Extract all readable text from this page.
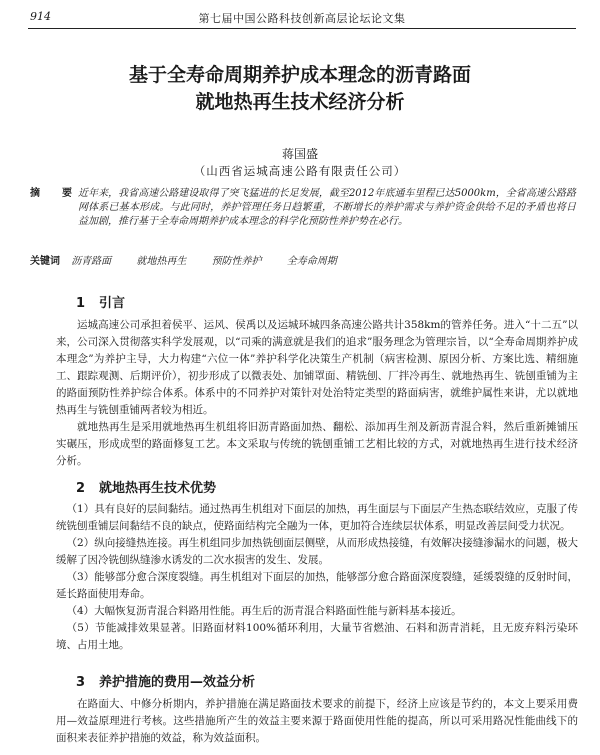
914	第七届中国公路科技创新高层论坛论文集
基于全寿命周期养护成本理念的沥青路面
就地热再生技术经济分析
蒋国盛
（山西省运城高速公路有限责任公司）
摘　要 近年来，我省高速公路建设取得了突飞猛进的长足发展，截至2012年底通车里程已达5000km，全省高速公路路网体系已基本形成。与此同时，养护管理任务日趋繁重，不断增长的养护需求与养护资金供给不足的矛盾也将日益加剧，推行基于全寿命周期养护成本理念的科学化预防性养护势在必行。
关键词 沥青路面	就地热再生	预防性养护	全寿命周期
1 引言

运城高速公司承担着侯平、运风、侯禹以及运城环城四条高速公路共计358km的管养任务。进入“十二五”以来，公司深入贯彻落实科学发展观，以“司乘的满意就是我们的追求”服务理念为管理宗旨，以“全寿命周期养护成本理念”为养护主导，大力构建“六位一体”养护科学化决策生产机制（病害检测、原因分析、方案比选、精细施工、跟踪观测、后期评价），初步形成了以微表处、加铺罩面、精铣刨、厂拌冷再生、就地热再生、铣刨重铺为主的路面预防性养护综合体系。体系中的不同养护对策针对处治特定类型的路面病害，就维护属性来讲，尤以就地热再生与铣刨重铺两者较为相近。

就地热再生是采用就地热再生机组将旧沥青路面加热、翻松、添加再生剂及新沥青混合料，然后重新摊铺压实碾压，形成成型的路面修复工艺。本文采取与传统的铣刨重铺工艺相比较的方式，对就地热再生进行技术经济分析。

2 就地热再生技术优势

（1）具有良好的层间黏结。通过热再生机组对下面层的加热，再生面层与下面层产生热态联结效应，克服了传统铣刨重铺层间黏结不良的缺点，使路面结构完全融为一体，更加符合连续层状体系，明显改善层间受力状况。

（2）纵向接缝热连接。再生机组同步加热铣刨面层侧壁，从而形成热接缝，有效解决接缝渗漏水的问题，极大缓解了因冷铣刨纵缝渗水诱发的二次水损害的发生、发展。

（3）能够部分愈合深度裂缝。再生机组对下面层的加热，能够部分愈合路面深度裂缝，延缓裂缝的反射时间，延长路面使用寿命。

（4）大幅恢复沥青混合料路用性能。再生后的沥青混合料路面性能与新料基本接近。

（5）节能减排效果显著。旧路面材料100%循环利用，大量节省燃油、石料和沥青消耗，且无废弃料污染环境、占用土地。

3 养护措施的费用—效益分析

在路面大、中修分析期内，养护措施在满足路面技术要求的前提下，经济上应该是节约的，本文上要采用费用—效益原理进行考核。这些措施所产生的效益主要来源于路面使用性能的提高，所以可采用路况性能曲线下的面积来表征养护措施的效益，称为效益面积。
